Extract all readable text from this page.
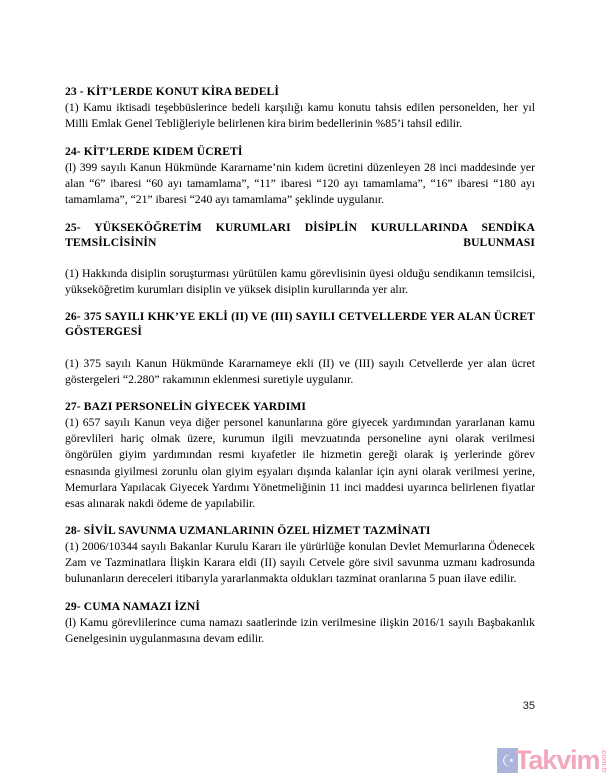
23 - KİT’LERDE KONUT KİRA BEDELİ

(1) Kamu iktisadi teşebbüslerince bedeli karşılığı kamu konutu tahsis edilen personelden, her yıl Milli Emlak Genel Tebliğleriyle belirlenen kira birim bedellerinin %85’i tahsil edilir.

24- KİT’LERDE KIDEM ÜCRETİ

(l) 399 sayılı Kanun Hükmünde Kararname’nin kıdem ücretini düzenleyen 28 inci maddesinde yer alan “6” ibaresi “60 ayı tamamlama”, “11” ibaresi “120 ayı tamamlama”, “16” ibaresi “180 ayı tamamlama”, “21” ibaresi “240 ayı tamamlama” şeklinde uygulanır.

25- YÜKSEKÖĞRETİM KURUMLARI DİSİPLİN KURULLARINDA SENDİKA TEMSİLCİSİNİN BULUNMASI

(1) Hakkında disiplin soruşturması yürütülen kamu görevlisinin üyesi olduğu sendikanın temsilcisi, yükseköğretim kurumları disiplin ve yüksek disiplin kurullarında yer alır.

26- 375 SAYILI KHK’YE EKLİ (II) VE (III) SAYILI CETVELLERDE YER ALAN ÜCRET GÖSTERGESİ

(1) 375 sayılı Kanun Hükmünde Kararnameye ekli (II) ve (III) sayılı Cetvellerde yer alan ücret göstergeleri “2.280” rakamının eklenmesi suretiyle uygulanır.

27- BAZI PERSONELİN GİYECEK YARDIMI

(1) 657 sayılı Kanun veya diğer personel kanunlarına göre giyecek yardımından yararlanan kamu görevlileri hariç olmak üzere, kurumun ilgili mevzuatında personeline ayni olarak verilmesi öngörülen giyim yardımından resmi kıyafetler ile hizmetin gereği olarak iş yerlerinde görev esnasında giyilmesi zorunlu olan giyim eşyaları dışında kalanlar için ayni olarak verilmesi yerine, Memurlara Yapılacak Giyecek Yardımı Yönetmeliğinin 11 inci maddesi uyarınca belirlenen fiyatlar esas alınarak nakdi ödeme de yapılabilir.

28- SİVİL SAVUNMA UZMANLARININ ÖZEL HİZMET TAZMİNATI

(1) 2006/10344 sayılı Bakanlar Kurulu Kararı ile yürürlüğe konulan Devlet Memurlarına Ödenecek Zam ve Tazminatlara İlişkin Karara eldi (II) sayılı Cetvele göre sivil savunma uzmanı kadrosunda bulunanların dereceleri itibarıyla yararlanmakta oldukları tazminat oranlarına 5 puan ilave edilir.

29- CUMA NAMAZI İZNİ

(l) Kamu görevlilerince cuma namazı saatlerinde izin verilmesine ilişkin 2016/1 sayılı Başbakanlık Genelgesinin uygulanmasına devam edilir.

35
Takvim .com.tr
